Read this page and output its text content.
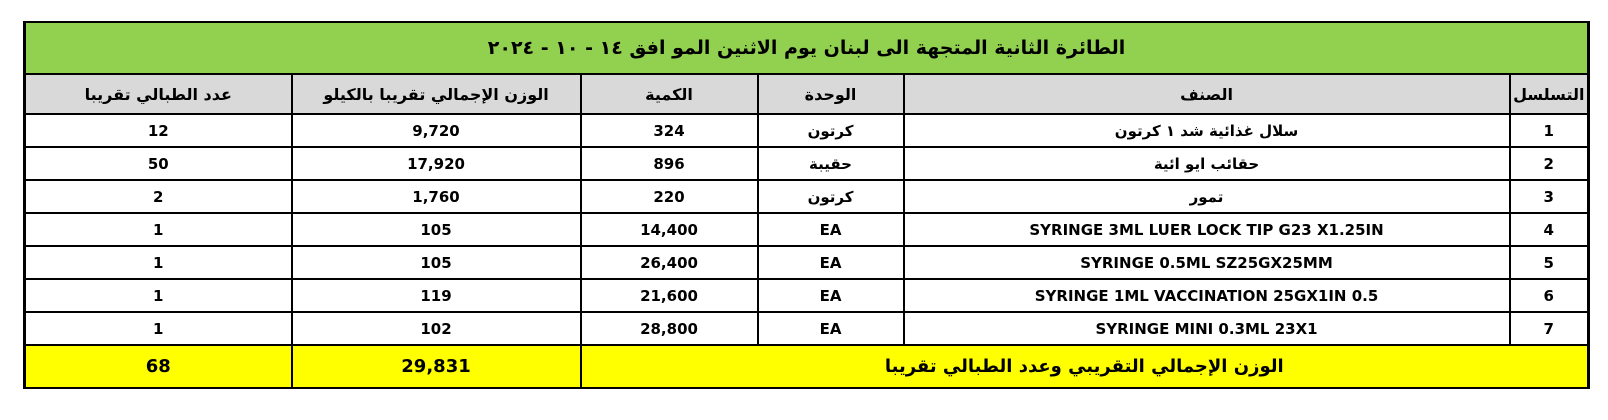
الطائرة الثانية المتجهة الى لبنان يوم الاثنين المو افق ١٤ - ١٠ - ٢٠٢٤					
التسلسل	الصنف	الوحدة	الكمية	الوزن الإجمالي تقريبا بالكيلو	عدد الطبالي تقريبا
1	سلال غذائية شد ١ كرتون	كرتون	324	9,720	12
2	حقائب ايو ائية	حقيبة	896	17,920	50
3	تمور	كرتون	220	1,760	2
4	SYRINGE 3ML LUER LOCK TIP G23 X1.25IN	EA	14,400	105	1
5	SYRINGE 0.5ML SZ25GX25MM	EA	26,400	105	1
6	SYRINGE 1ML VACCINATION 25GX1IN 0.5	EA	21,600	119	1
7	SYRINGE MINI 0.3ML 23X1	EA	28,800	102	1
الوزن الإجمالي التقريبي وعدد الطبالي تقريبا				29,831	68
